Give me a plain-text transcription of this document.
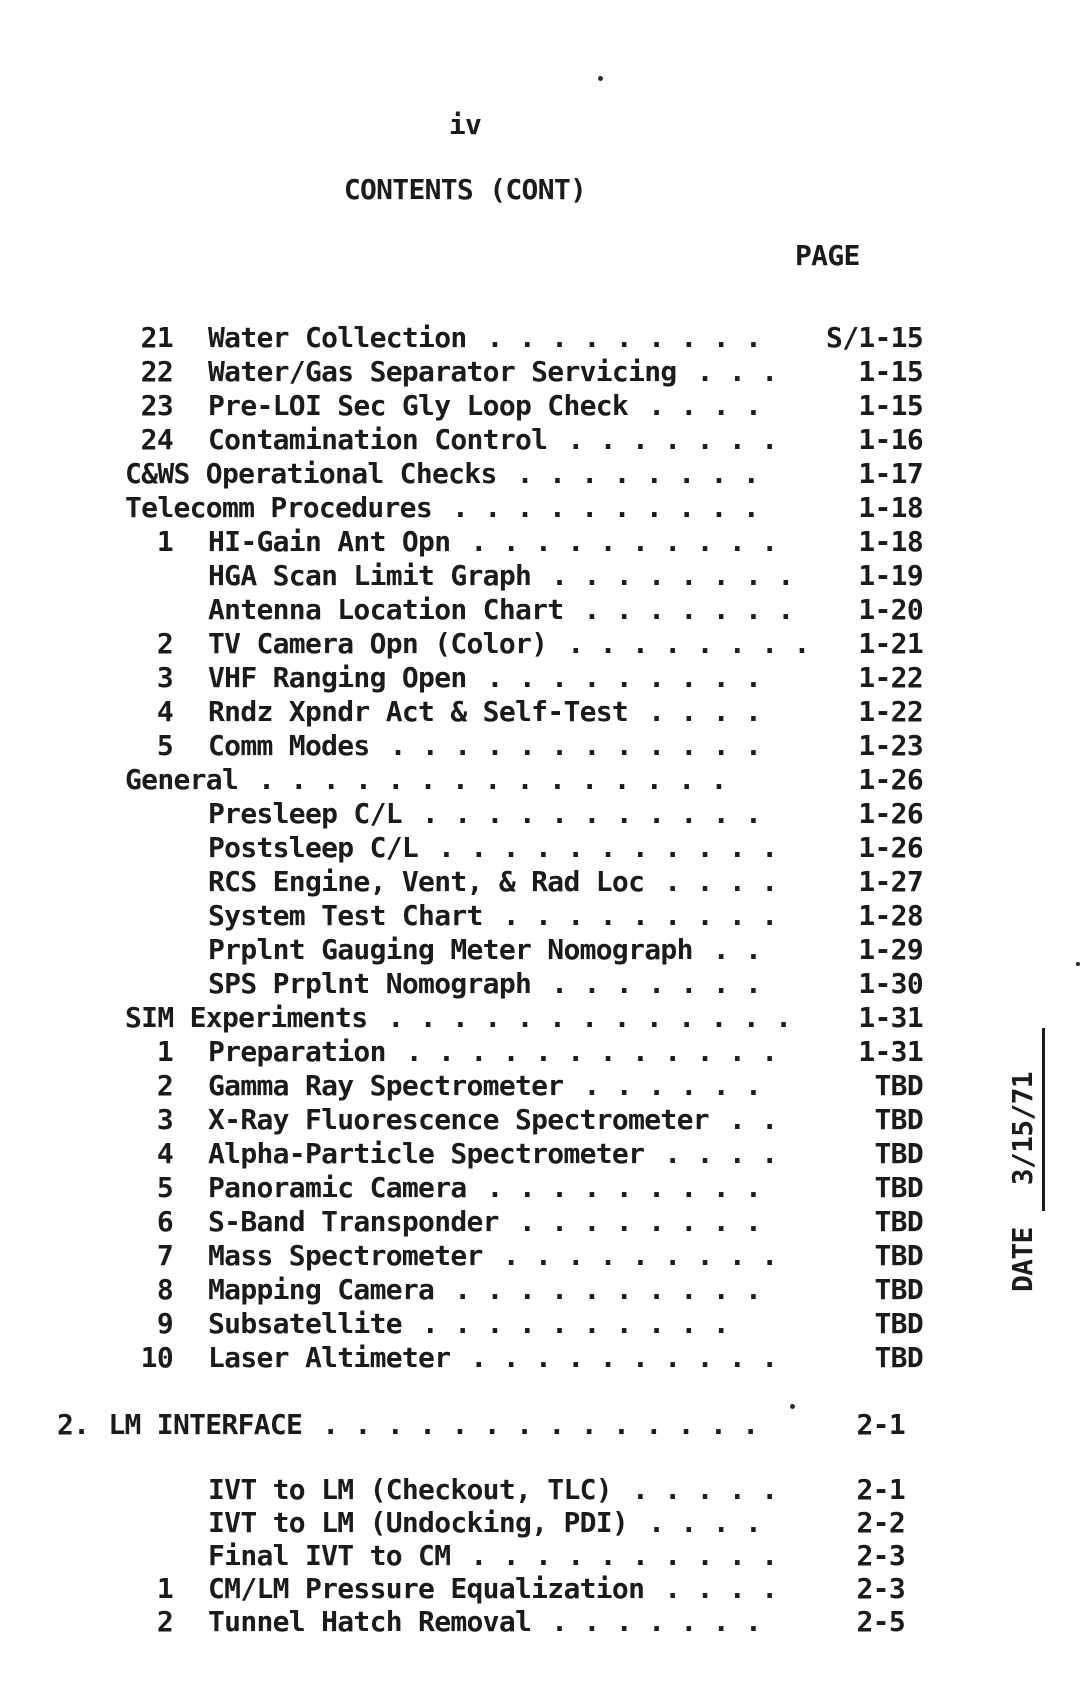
iv
CONTENTS (CONT)
PAGE
21 Water Collection . . . . . . . . . S/1-15
22 Water/Gas Separator Servicing . . .	1-15
23 Pre-LOI Sec Gly Loop Check . . . .	1-15
24 Contamination Control . . . . . . .	1-16
C&WS Operational Checks . . . . . . . .	1-17
Telecomm Procedures . . . . . . . . . .	1-18
1 HI-Gain Ant Opn . . . . . . . . . .	1-18
HGA Scan Limit Graph . . . . . . . . 1-19
Antenna Location Chart . . . . . . . 1-20
2 TV Camera Opn (Color) . . . . . . . . 1-21
3 VHF Ranging Open . . . . . . . . .	1-22
4 Rndz Xpndr Act & Self-Test . . . .	1-22
5 Comm Modes . . . . . . . . . . . .	1-23
General . . . . . . . . . . . . . . .	1-26
Presleep C/L . . . . . . . . . . .	1-26
Postsleep C/L . . . . . . . . . . .	1-26
RCS Engine, Vent, & Rad Loc . . . .	1-27
System Test Chart . . . . . . . . .	1-28
Prplnt Gauging Meter Nomograph . .	1-29
SPS Prplnt Nomograph . . . . . . .	1-30
SIM Experiments . . . . . . . . . . . . . 1-31
1 Preparation . . . . . . . . . . . .	1-31
2 Gamma Ray Spectrometer . . . . . .	TBD
3 X-Ray Fluorescence Spectrometer . .	TBD
4 Alpha-Particle Spectrometer . . . .	TBD
5 Panoramic Camera . . . . . . . . .	TBD
6 S-Band Transponder . . . . . . . .	TBD
7 Mass Spectrometer . . . . . . . . .	TBD
8 Mapping Camera . . . . . . . . . .	TBD
9 Subsatellite . . . . . . . . . .	TBD
10 Laser Altimeter . . . . . . . . . .	TBD
2. LM INTERFACE . . . . . . . . . . . . . .	2-1
IVT to LM (Checkout, TLC) . . . . .	2-1
IVT to LM (Undocking, PDI) . . . .	2-2
Final IVT to CM . . . . . . . . . .	2-3
1 CM/LM Pressure Equalization . . . .	2-3
2 Tunnel Hatch Removal . . . . . . .	2-5
DATE 3/15/71
